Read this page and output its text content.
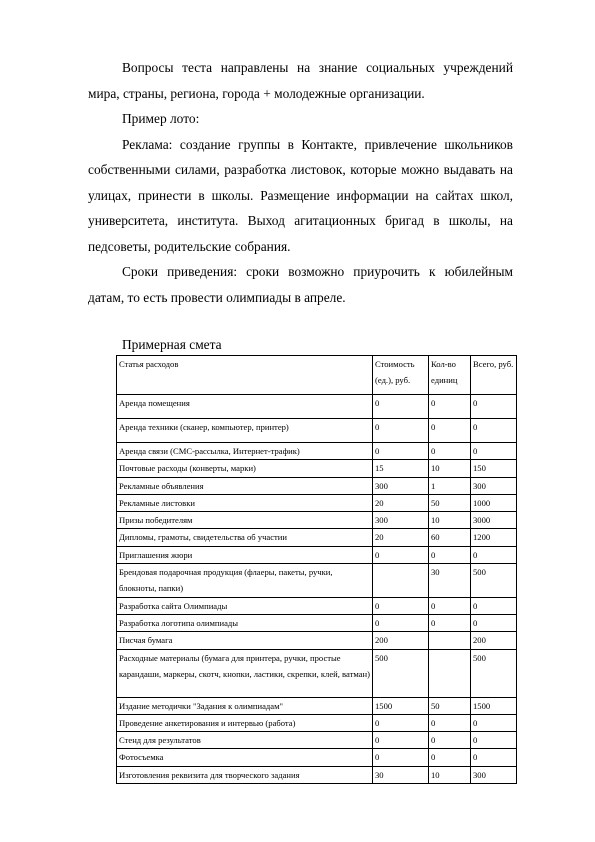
Вопросы теста направлены на знание социальных учреждений мира, страны, региона, города + молодежные организации.

Пример лото:

Реклама: создание группы в Контакте, привлечение школьников собственными силами, разработка листовок, которые можно выдавать на улицах, принести в школы. Размещение информации на сайтах школ, университета, института. Выход агитационных бригад в школы, на педсоветы, родительские собрания.

Сроки приведения: сроки возможно приурочить к юбилейным датам, то есть провести олимпиады в апреле.

Примерная смета
Статья расходов	Стоимость (ед.), руб.	Кол-во единиц	Всего, руб.
Аренда помещения	0	0	0
Аренда техники (сканер, компьютер, принтер)	0	0	0
Аренда связи (СМС-рассылка, Интернет-трафик)	0	0	0
Почтовые расходы (конверты, марки)	15	10	150
Рекламные объявления	300	1	300
Рекламные листовки	20	50	1000
Призы победителям	300	10	3000
Дипломы, грамоты, свидетельства об участии	20	60	1200
Приглашения жюри	0	0	0
Брендовая подарочная продукция (флаеры, пакеты, ручки, блокноты, папки)		30	500
Разработка сайта Олимпиады	0	0	0
Разработка логотипа олимпиады	0	0	0
Писчая бумага	200		200
Расходные материалы (бумага для принтера, ручки, простые карандаши, маркеры, скотч, кнопки, ластики, скрепки, клей, ватман)	500		500
Издание методички "Задания к олимпиадам"	1500	50	1500
Проведение анкетирования и интервью (работа)	0	0	0
Стенд для результатов	0	0	0
Фотосъемка	0	0	0
Изготовления реквизита для творческого задания	30	10	300
